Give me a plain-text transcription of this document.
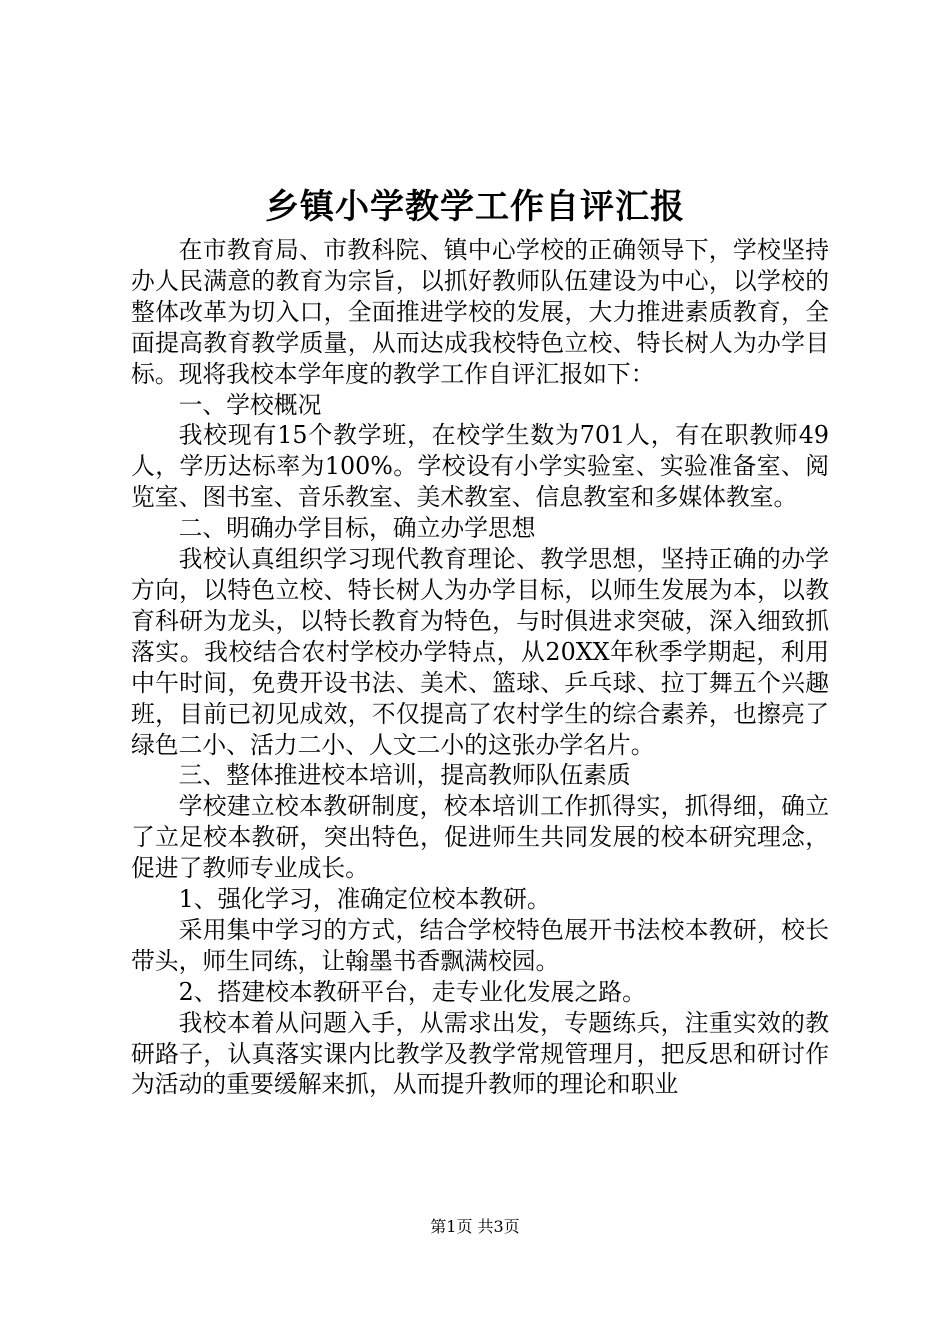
乡镇小学教学工作自评汇报

在市教育局、市教科院、镇中心学校的正确领导下，学校坚持办人民满意的教育为宗旨，以抓好教师队伍建设为中心，以学校的整体改革为切入口，全面推进学校的发展，大力推进素质教育，全面提高教育教学质量，从而达成我校特色立校、特长树人为办学目标。现将我校本学年度的教学工作自评汇报如下：

一、学校概况

我校现有15个教学班，在校学生数为701人，有在职教师49人，学历达标率为100%。学校设有小学实验室、实验准备室、阅览室、图书室、音乐教室、美术教室、信息教室和多媒体教室。

二、明确办学目标，确立办学思想

我校认真组织学习现代教育理论、教学思想，坚持正确的办学方向，以特色立校、特长树人为办学目标，以师生发展为本，以教育科研为龙头，以特长教育为特色，与时俱进求突破，深入细致抓落实。我校结合农村学校办学特点，从20XX年秋季学期起，利用中午时间，免费开设书法、美术、篮球、乒乓球、拉丁舞五个兴趣班，目前已初见成效，不仅提高了农村学生的综合素养，也擦亮了绿色二小、活力二小、人文二小的这张办学名片。

三、整体推进校本培训，提高教师队伍素质

学校建立校本教研制度，校本培训工作抓得实，抓得细，确立了立足校本教研，突出特色，促进师生共同发展的校本研究理念，促进了教师专业成长。

1、强化学习，准确定位校本教研。

采用集中学习的方式，结合学校特色展开书法校本教研，校长带头，师生同练，让翰墨书香飘满校园。

2、搭建校本教研平台，走专业化发展之路。

我校本着从问题入手，从需求出发，专题练兵，注重实效的教研路子，认真落实课内比教学及教学常规管理月，把反思和研讨作为活动的重要缓解来抓，从而提升教师的理论和职业

第1页 共3页
